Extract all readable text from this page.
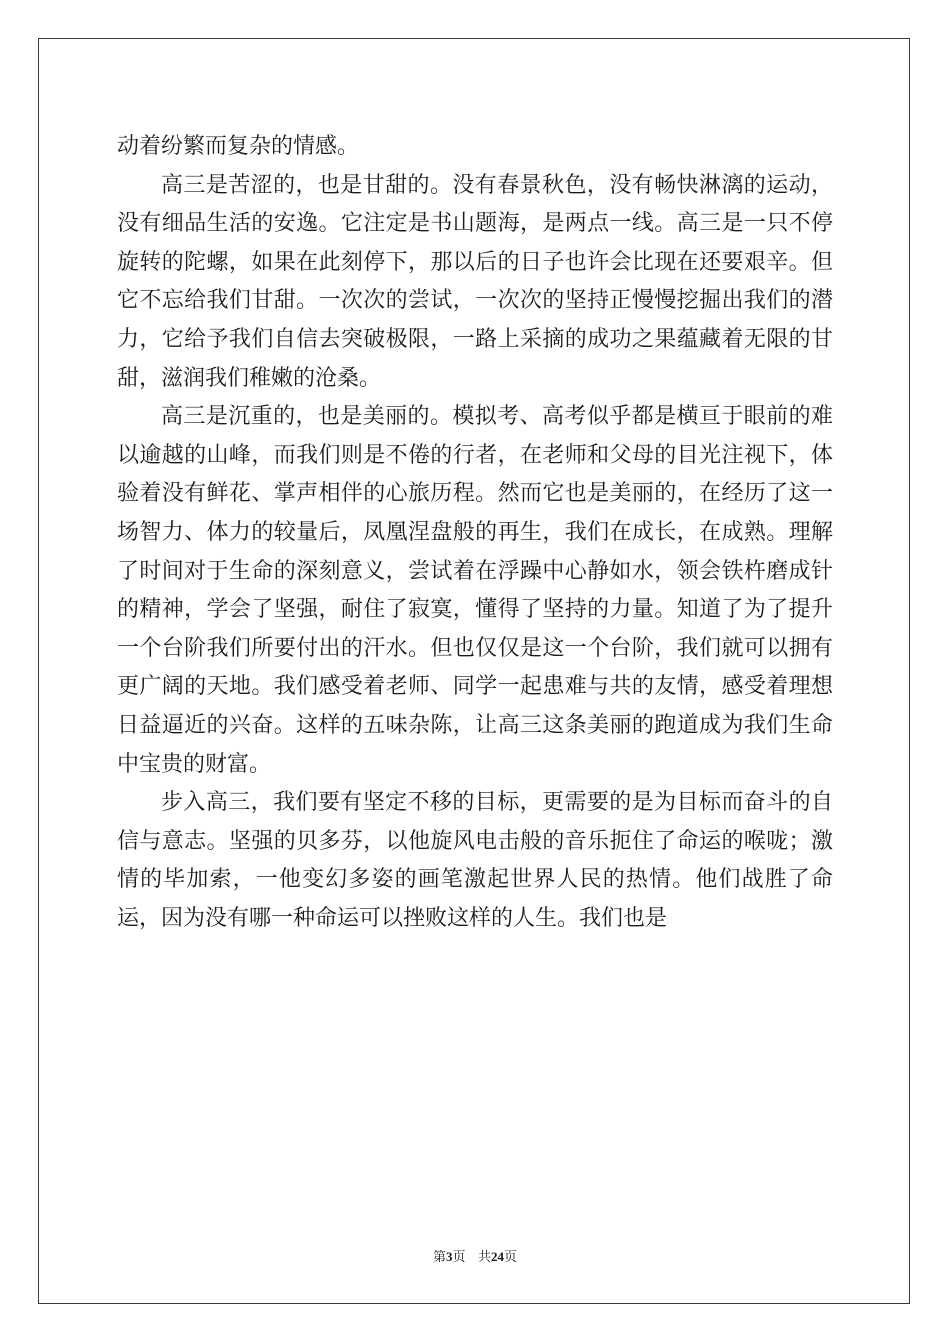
动着纷繁而复杂的情感。

高三是苦涩的，也是甘甜的。没有春景秋色，没有畅快淋漓的运动，没有细品生活的安逸。它注定是书山题海，是两点一线。高三是一只不停旋转的陀螺，如果在此刻停下，那以后的日子也许会比现在还要艰辛。但它不忘给我们甘甜。一次次的尝试，一次次的坚持正慢慢挖掘出我们的潜力，它给予我们自信去突破极限，一路上采摘的成功之果蕴藏着无限的甘甜，滋润我们稚嫩的沧桑。

高三是沉重的，也是美丽的。模拟考、高考似乎都是横亘于眼前的难以逾越的山峰，而我们则是不倦的行者，在老师和父母的目光注视下，体验着没有鲜花、掌声相伴的心旅历程。然而它也是美丽的，在经历了这一场智力、体力的较量后，凤凰涅盘般的再生，我们在成长，在成熟。理解了时间对于生命的深刻意义，尝试着在浮躁中心静如水，领会铁杵磨成针的精神，学会了坚强，耐住了寂寞，懂得了坚持的力量。知道了为了提升一个台阶我们所要付出的汗水。但也仅仅是这一个台阶，我们就可以拥有更广阔的天地。我们感受着老师、同学一起患难与共的友情，感受着理想日益逼近的兴奋。这样的五味杂陈，让高三这条美丽的跑道成为我们生命中宝贵的财富。

步入高三，我们要有坚定不移的目标，更需要的是为目标而奋斗的自信与意志。坚强的贝多芬，以他旋风电击般的音乐扼住了命运的喉咙；激情的毕加索，一他变幻多姿的画笔激起世界人民的热情。他们战胜了命运，因为没有哪一种命运可以挫败这样的人生。我们也是

第3页 共24页
